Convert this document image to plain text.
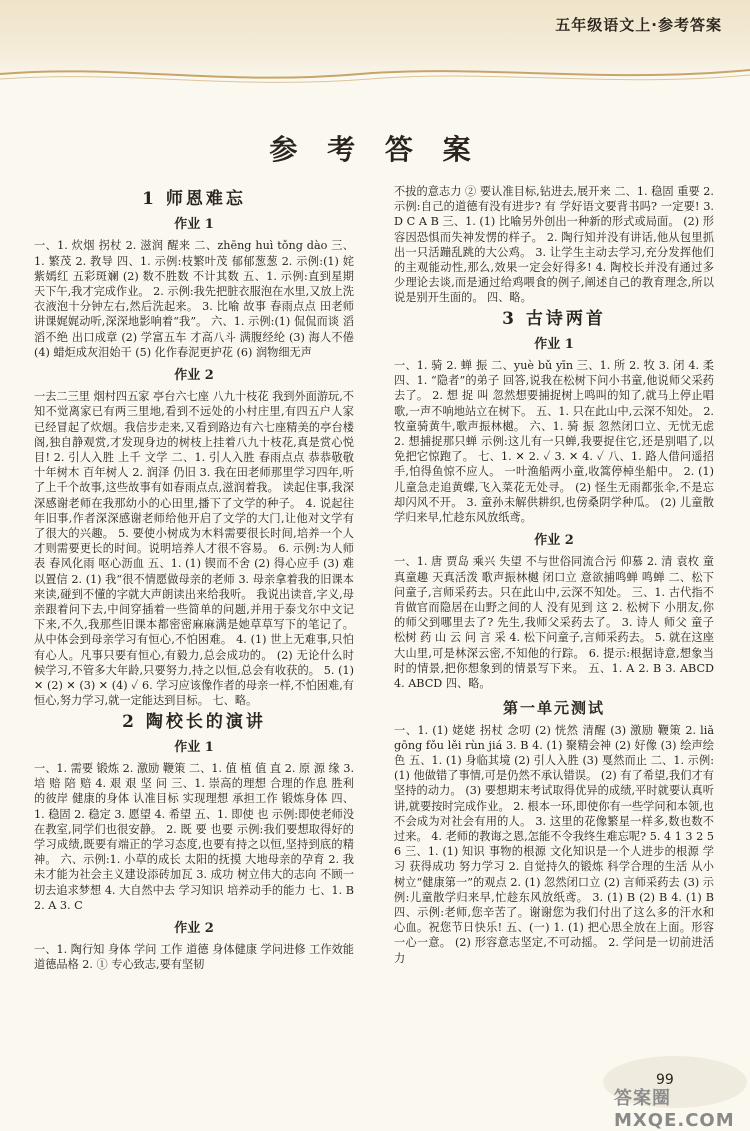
五年级语文上·参考答案
参 考 答 案
1 师恩难忘
作业 1

一、1. 炊烟 拐杖 2. 滋润 醒来 二、zhēng huì tǒng dào 三、1. 繁茂 2. 教导 四、1. 示例:枝繁叶茂 郁郁葱葱 2. 示例:(1) 姹紫嫣红 五彩斑斓 (2) 数不胜数 不计其数 五、1. 示例:直到星期天下午,我才完成作业。 2. 示例:我先把脏衣服泡在水里,又放上洗衣液泡十分钟左右,然后洗起来。 3. 比喻 故事 春雨点点 田老师讲课娓娓动听,深深地影响着“我”。 六、1. 示例:(1) 侃侃而谈 滔滔不绝 出口成章 (2) 学富五车 才高八斗 满腹经纶 (3) 海人不倦 (4) 蜡炬成灰泪始干 (5) 化作春泥更护花 (6) 润物细无声

作业 2

一去二三里 烟村四五家 亭台六七座 八九十枝花 我到外面游玩,不知不觉离家已有两三里地,看到不远处的小村庄里,有四五户人家已经冒起了炊烟。我信步走来,又看到路边有六七座精美的亭台楼阁,独自静观赏,才发现身边的树枝上挂着八九十枝花,真是赏心悦目! 2. 引人入胜 上千 文学 二、1. 引人入胜 春雨点点 恭恭敬敬 十年树木 百年树人 2. 润泽 仍旧 3. 我在田老师那里学习四年,听了上千个故事,这些故事有如春雨点点,滋润着我。 读起住事,我深深感谢老师在我那幼小的心田里,播下了文学的种子。 4. 说起往年旧事,作者深深感谢老师给他开启了文学的大门,让他对文学有了很大的兴趣。 5. 要使小树成为木料需要很长时间,培养一个人才则需要更长的时间。说明培养人才很不容易。 6. 示例:为人师表 春风化雨 呕心沥血 五、1. (1) 锲而不舍 (2) 得心应手 (3) 难以置信 2. (1) 我“很不情愿做母亲的老师 3. 母亲拿着我的旧课本来读,碰到不懂的字就大声朗读出来给我听。 我说出读音,字义,母亲跟着问下去,中间穿插着一些简单的问题,并用于泰戈尔中文记下来,不久,我那些旧课本都密密麻麻满是她草草写下的笔记了。 从中体会到母亲学习有恒心,不怕困难。 4. (1) 世上无难事,只怕有心人。凡事只要有恒心,有毅力,总会成功的。 (2) 无论什么时候学习,不管多大年龄,只要努力,持之以恒,总会有收获的。 5. (1) ✕ (2) ✕ (3) ✕ (4) ✓ 6. 学习应该像作者的母亲一样,不怕困难,有恒心,努力学习,就一定能达到目标。 七、略。

2 陶校长的演讲
作业 1

一、1. 需要 锻炼 2. 激励 鞭策 二、1. 值 植 值 直 2. 原 源 缘 3. 培 赔 陪 赔 4. 艰 艰 坚 问 三、1. 崇高的理想 合理的作息 胜利的彼岸 健康的身体 认准目标 实现理想 承担工作 锻炼身体 四、1. 稳固 2. 稳定 3. 愿望 4. 希望 五、1. 即使 也 示例:即使老师没在教室,同学们也很安静。 2. 既 要 也要 示例:我们要想取得好的学习成绩,既要有端正的学习态度,也要有持之以恒,坚持到底的精神。 六、示例:1. 小草的成长 太阳的抚摸 大地母亲的孕育 2. 我未才能为社会主义建设添砖加瓦 3. 成功 树立伟大的志向 不顾一切去追求梦想 4. 大自然中去 学习知识 培养动手的能力 七、1. B 2. A 3. C

作业 2

一、1. 陶行知 身体 学问 工作 道德 身体健康 学问进修 工作效能 道德品格 2. ① 专心致志,要有坚韧

不拔的意志力 ② 要认准目标,钻进去,展开来 二、1. 稳固 重要 2. 示例:自己的道德有没有进步? 有 学好语文要背书吗? 一定要! 3. D C A B 三、1. (1) 比喻另外创出一种新的形式或局面。 (2) 形容因恐惧而失神发愣的样子。 2. 陶行知并没有讲话,他从包里抓出一只活蹦乱跳的大公鸡。 3. 让学生主动去学习,充分发挥他们的主观能动性,那么,效果一定会好得多! 4. 陶校长并没有通过多少理论去谈,而是通过给鸡喂食的例子,阐述自己的教育理念,所以说是别开生面的。 四、略。

3 古诗两首
作业 1

一、1. 骑 2. 蝉 振 二、yuè bǔ yīn 三、1. 所 2. 牧 3. 闭 4. 柔 四、1. “隐者”的弟子 回答,说我在松树下问小书童,他说师父采药去了。 2. 想 捉 叫 忽然想要捕捉树上鸣叫的知了,就马上停止唱歌,一声不响地站立在树下。 五、1. 只在此山中,云深不知处。 2. 牧童骑黄牛,歌声振林樾。 六、1. 骑 振 忽然闭口立、无忧无虑 2. 想捕捉那只蝉 示例:这儿有一只蝉,我要捉住它,还是别唱了,以免把它惊跑了。 七、1. ✕ 2. ✓ 3. ✕ 4. ✓ 八、1. 路人借问遥招手,怕得鱼惊不应人。 一叶渔船两小童,收篙停棹坐船中。 2. (1) 儿童急走追黄蝶,飞入菜花无处寻。 (2) 怪生无雨都张伞,不是忘却闪风不开。 3. 童孙未解供耕织,也傍桑阴学种瓜。 (2) 儿童散学归来早,忙趁东风放纸鸢。

作业 2

一、1. 唐 贾岛 乘兴 失望 不与世俗同流合污 仰慕 2. 清 袁枚 童真童趣 天真活泼 歌声振林樾 闭口立 意欲捕鸣蝉 鸣蝉 二、松下问童子,言师采药去。只在此山中,云深不知处。 三、1. 古代指不肯做官而隐居在山野之间的人 没有见到 这 2. 松树下 小朋友,你的师父到哪里去了? 先生,我师父采药去了。 3. 诗人 师父 童子 松树 药 山 云 问 言 采 4. 松下问童子,言师采药去。 5. 就在这座大山里,可是林深云密,不知他的行踪。 6. 提示:根据诗意,想象当时的情景,把你想象到的情景写下来。 五、1. A 2. B 3. ABCD 4. ABCD 四、略。

第一单元测试

一、1. (1) 姥姥 拐杖 念叨 (2) 恍然 清醒 (3) 激励 鞭策 2. liǎ gōng fǒu lěi rùn jiá 3. B 4. (1) 聚精会神 (2) 好像 (3) 绘声绘色 五、1. (1) 身临其境 (2) 引人入胜 (3) 戛然而止 二、1. 示例:(1) 他做错了事情,可是仍然不承认错误。 (2) 有了希望,我们才有坚持的动力。 (3) 要想期末考试取得优异的成绩,平时就要认真听讲,就要按时完成作业。 2. 根本一环,即使你有一些学问和本领,也不会成为对社会有用的人。 3. 这里的花像繁星一样多,数也数不过来。 4. 老师的教诲之恩,怎能不令我终生难忘呢? 5. 4 1 3 2 5 6 三、1. (1) 知识 事物的根源 文化知识是一个人进步的根源 学习 获得成功 努力学习 2. 自觉持久的锻炼 科学合理的生活 从小树立“健康第一”的观点 2. (1) 忽然闭口立 (2) 言师采药去 (3) 示例:儿童散学归来早,忙趁东风放纸鸢。 3. (1) B (2) B 4. (1) B 四、示例:老师,您辛苦了。谢谢您为我们付出了这么多的汗水和心血。祝您节日快乐! 五、(一) 1. (1) 把心思全放在上面。形容一心一意。 (2) 形容意志坚定,不可动摇。 2. 学问是一切前进活力

答案圈 MXQE.COM
99
